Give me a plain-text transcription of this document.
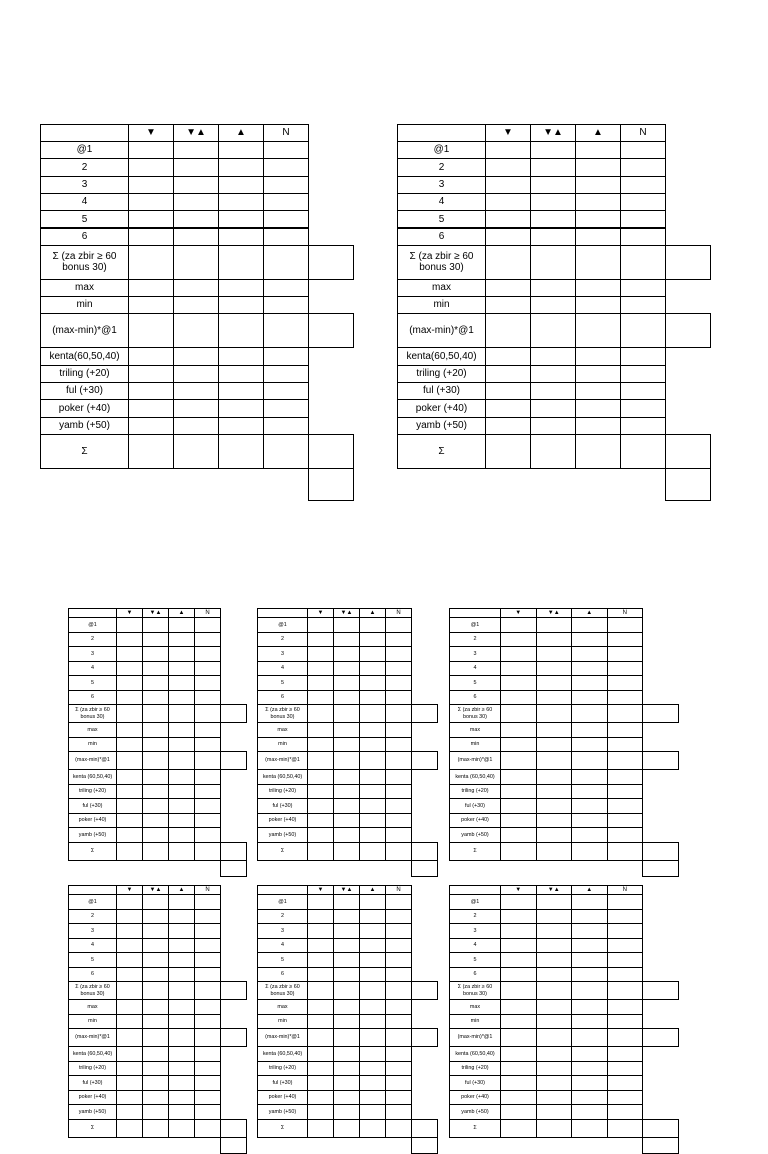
▼	▼▲	▲	N
@1
2
3
4
5
6
Σ (za zbir ≥ 60
bonus 30)
max
min
(max-min)*@1
kenta(60,50,40)
triling (+20)
ful (+30)
poker (+40)
yamb (+50)
Σ
▼	▼▲	▲	N
@1
2
3
4
5
6
Σ (za zbir ≥ 60
bonus 30)
max
min
(max-min)*@1
kenta(60,50,40)
triling (+20)
ful (+30)
poker (+40)
yamb (+50)
Σ
▼	▼▲	▲	N
@1
2
3
4
5
6
Σ (za zbir ≥ 60
bonus 30)
max
min
(max-min)*@1
kenta (60,50,40)
triling (+20)
ful (+30)
poker (+40)
yamb (+50)
Σ
▼	▼▲	▲	N
@1
2
3
4
5
6
Σ (za zbir ≥ 60
bonus 30)
max
min
(max-min)*@1
kenta (60,50,40)
triling (+20)
ful (+30)
poker (+40)
yamb (+50)
Σ
▼	▼▲	▲	N
@1
2
3
4
5
6
Σ (za zbir ≥ 60
bonus 30)
max
min
(max-min)*@1
kenta (60,50,40)
triling (+20)
ful (+30)
poker (+40)
yamb (+50)
Σ
▼	▼▲	▲	N
@1
2
3
4
5
6
Σ (za zbir ≥ 60
bonus 30)
max
min
(max-min)*@1
kenta (60,50,40)
triling (+20)
ful (+30)
poker (+40)
yamb (+50)
Σ
▼	▼▲	▲	N
@1
2
3
4
5
6
Σ (za zbir ≥ 60
bonus 30)
max
min
(max-min)*@1
kenta (60,50,40)
triling (+20)
ful (+30)
poker (+40)
yamb (+50)
Σ
▼	▼▲	▲	N
@1
2
3
4
5
6
Σ (za zbir ≥ 60
bonus 30)
max
min
(max-min)*@1
kenta (60,50,40)
triling (+20)
ful (+30)
poker (+40)
yamb (+50)
Σ
